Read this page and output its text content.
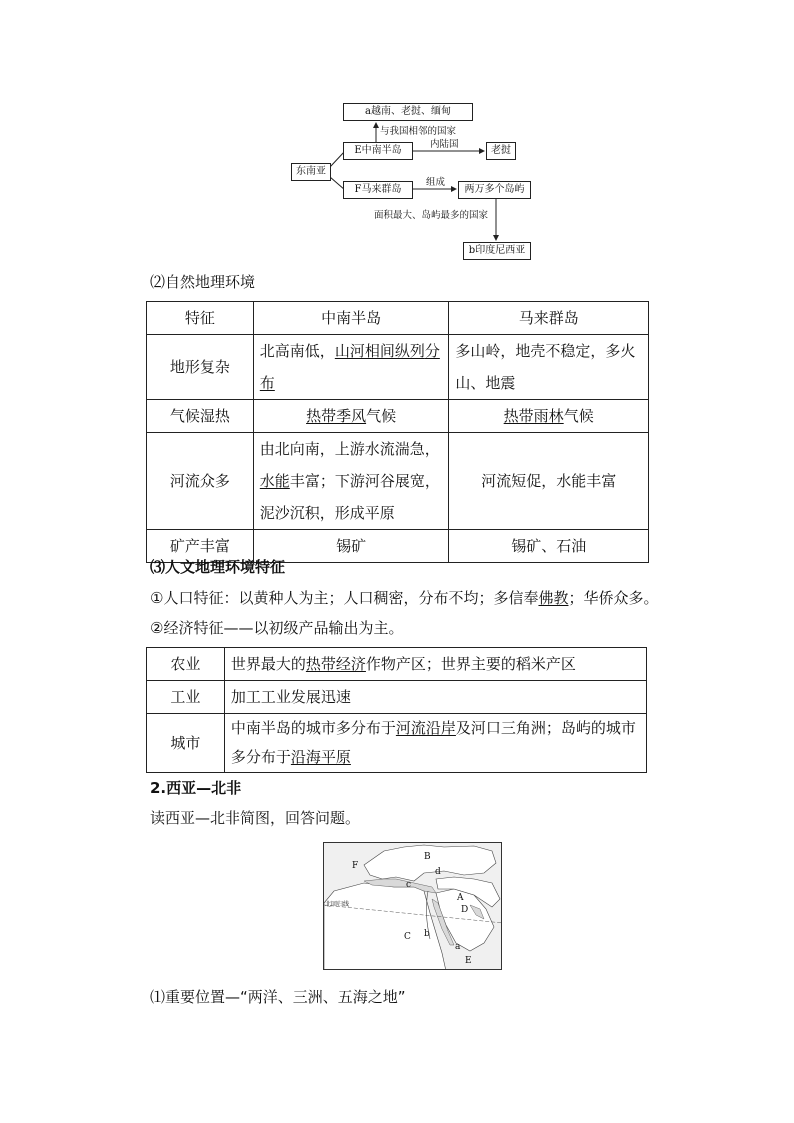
东南亚
a越南、老挝、缅甸
E中南半岛	老挝
F马来群岛	两万多个岛屿
b印度尼西亚
与我国相邻的国家
内陆国
组成
面积最大、岛屿最多的国家
⑵自然地理环境
特征	中南半岛	马来群岛
地形复杂	北高南低，山河相间纵列分布	多山岭，地壳不稳定，多火山、地震
气候湿热	热带季风气候	热带雨林气候
河流众多	由北向南，上游水流湍急，水能丰富；下游河谷展宽，泥沙沉积，形成平原	河流短促，水能丰富
矿产丰富	锡矿	锡矿、石油
⑶人文地理环境特征
①人口特征：以黄种人为主；人口稠密，分布不均；多信奉佛教；华侨众多。
②经济特征——以初级产品输出为主。
农业	世界最大的热带经济作物产区；世界主要的稻米产区
工业	加工工业发展迅速
城市	中南半岛的城市多分布于河流沿岸及河口三角洲；岛屿的城市多分布于沿海平原
2.西亚—北非
读西亚—北非简图，回答问题。
F
B
d
c
A
D
C b
a
E
北回归线
⑴重要位置—“两洋、三洲、五海之地”
